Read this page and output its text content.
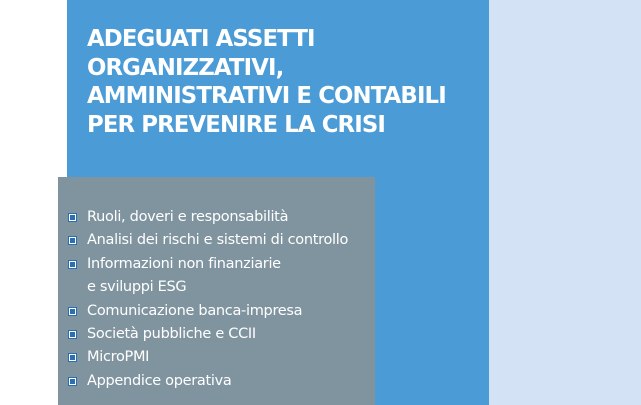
ADEGUATI ASSETTI
ORGANIZZATIVI,
AMMINISTRATIVI E CONTABILI
PER PREVENIRE LA CRISI
Ruoli, doveri e responsabilità
Analisi dei rischi e sistemi di controllo
Informazioni non finanziarie
e sviluppi ESG
Comunicazione banca-impresa
Società pubbliche e CCII
MicroPMI
Appendice operativa
